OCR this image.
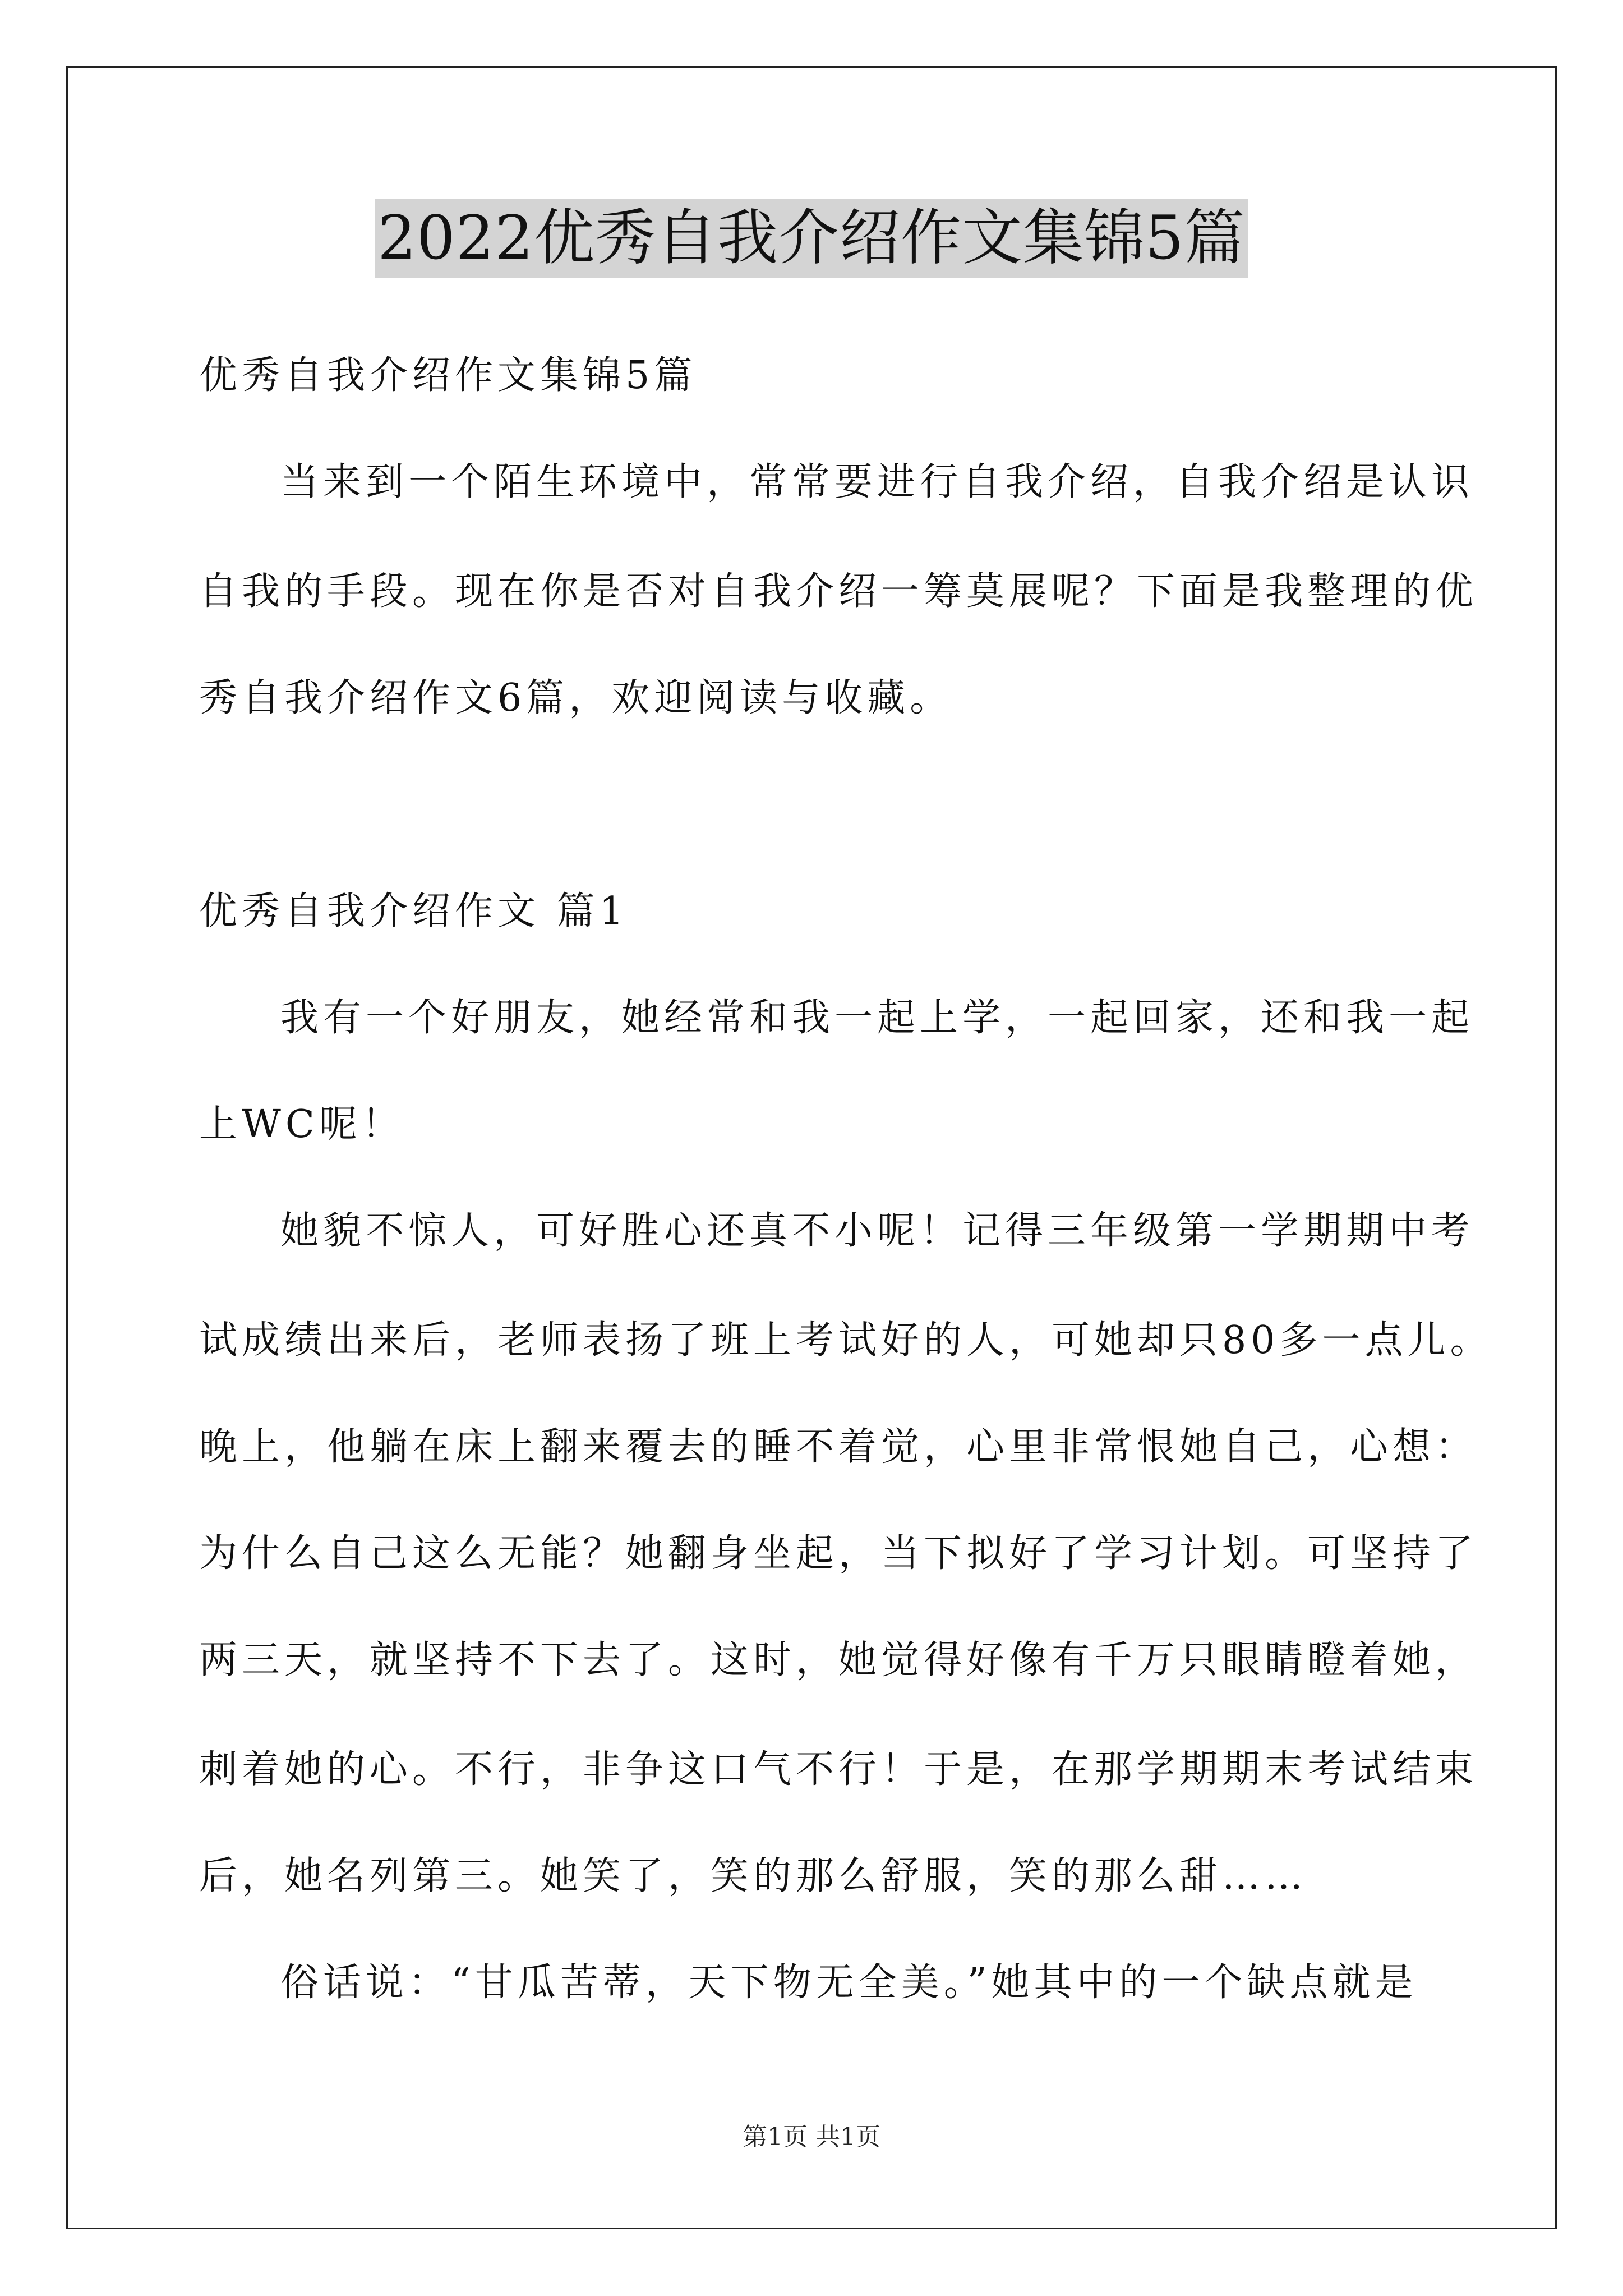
2022优秀自我介绍作文集锦5篇
优秀自我介绍作文集锦5篇
当来到一个陌生环境中，常常要进行自我介绍，自我介绍是认识
自我的手段。现在你是否对自我介绍一筹莫展呢？下面是我整理的优
秀自我介绍作文6篇，欢迎阅读与收藏。
优秀自我介绍作文 篇1
我有一个好朋友，她经常和我一起上学，一起回家，还和我一起
上WC呢！
她貌不惊人，可好胜心还真不小呢！记得三年级第一学期期中考
试成绩出来后，老师表扬了班上考试好的人，可她却只80多一点儿。
晚上，他躺在床上翻来覆去的睡不着觉，心里非常恨她自己，心想：
为什么自己这么无能？她翻身坐起，当下拟好了学习计划。可坚持了
两三天，就坚持不下去了。这时，她觉得好像有千万只眼睛瞪着她，
刺着她的心。不行，非争这口气不行！于是，在那学期期末考试结束
后，她名列第三。她笑了，笑的那么舒服，笑的那么甜……
俗话说：“甘瓜苦蒂，天下物无全美。”她其中的一个缺点就是
第1页 共1页
